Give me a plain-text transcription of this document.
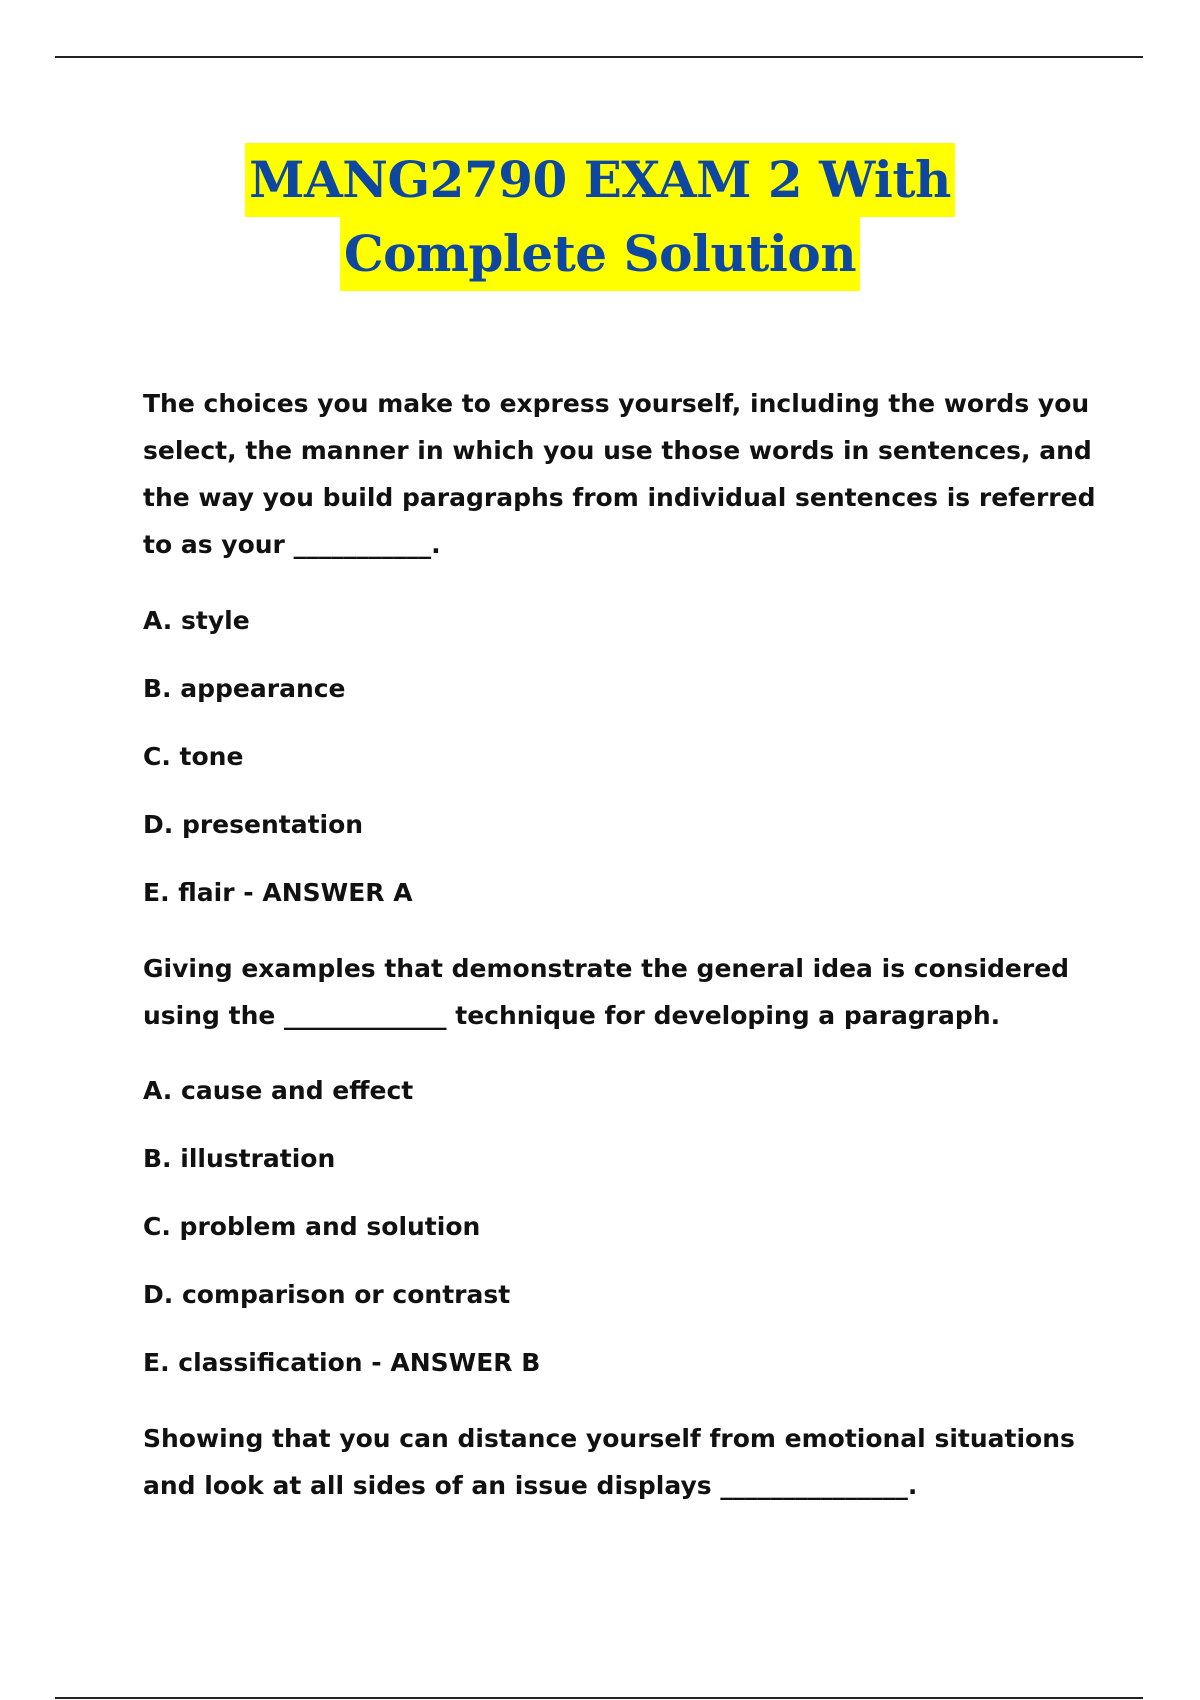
MANG2790 EXAM 2 With
Complete Solution

The choices you make to express yourself, including the words you select, the manner in which you use those words in sentences, and the way you build paragraphs from individual sentences is referred to as your ___________.

A. style

B. appearance

C. tone

D. presentation

E. flair - ANSWER A

Giving examples that demonstrate the general idea is considered using the _____________ technique for developing a paragraph.

A. cause and effect

B. illustration

C. problem and solution

D. comparison or contrast

E. classification - ANSWER B

Showing that you can distance yourself from emotional situations and look at all sides of an issue displays _______________.
